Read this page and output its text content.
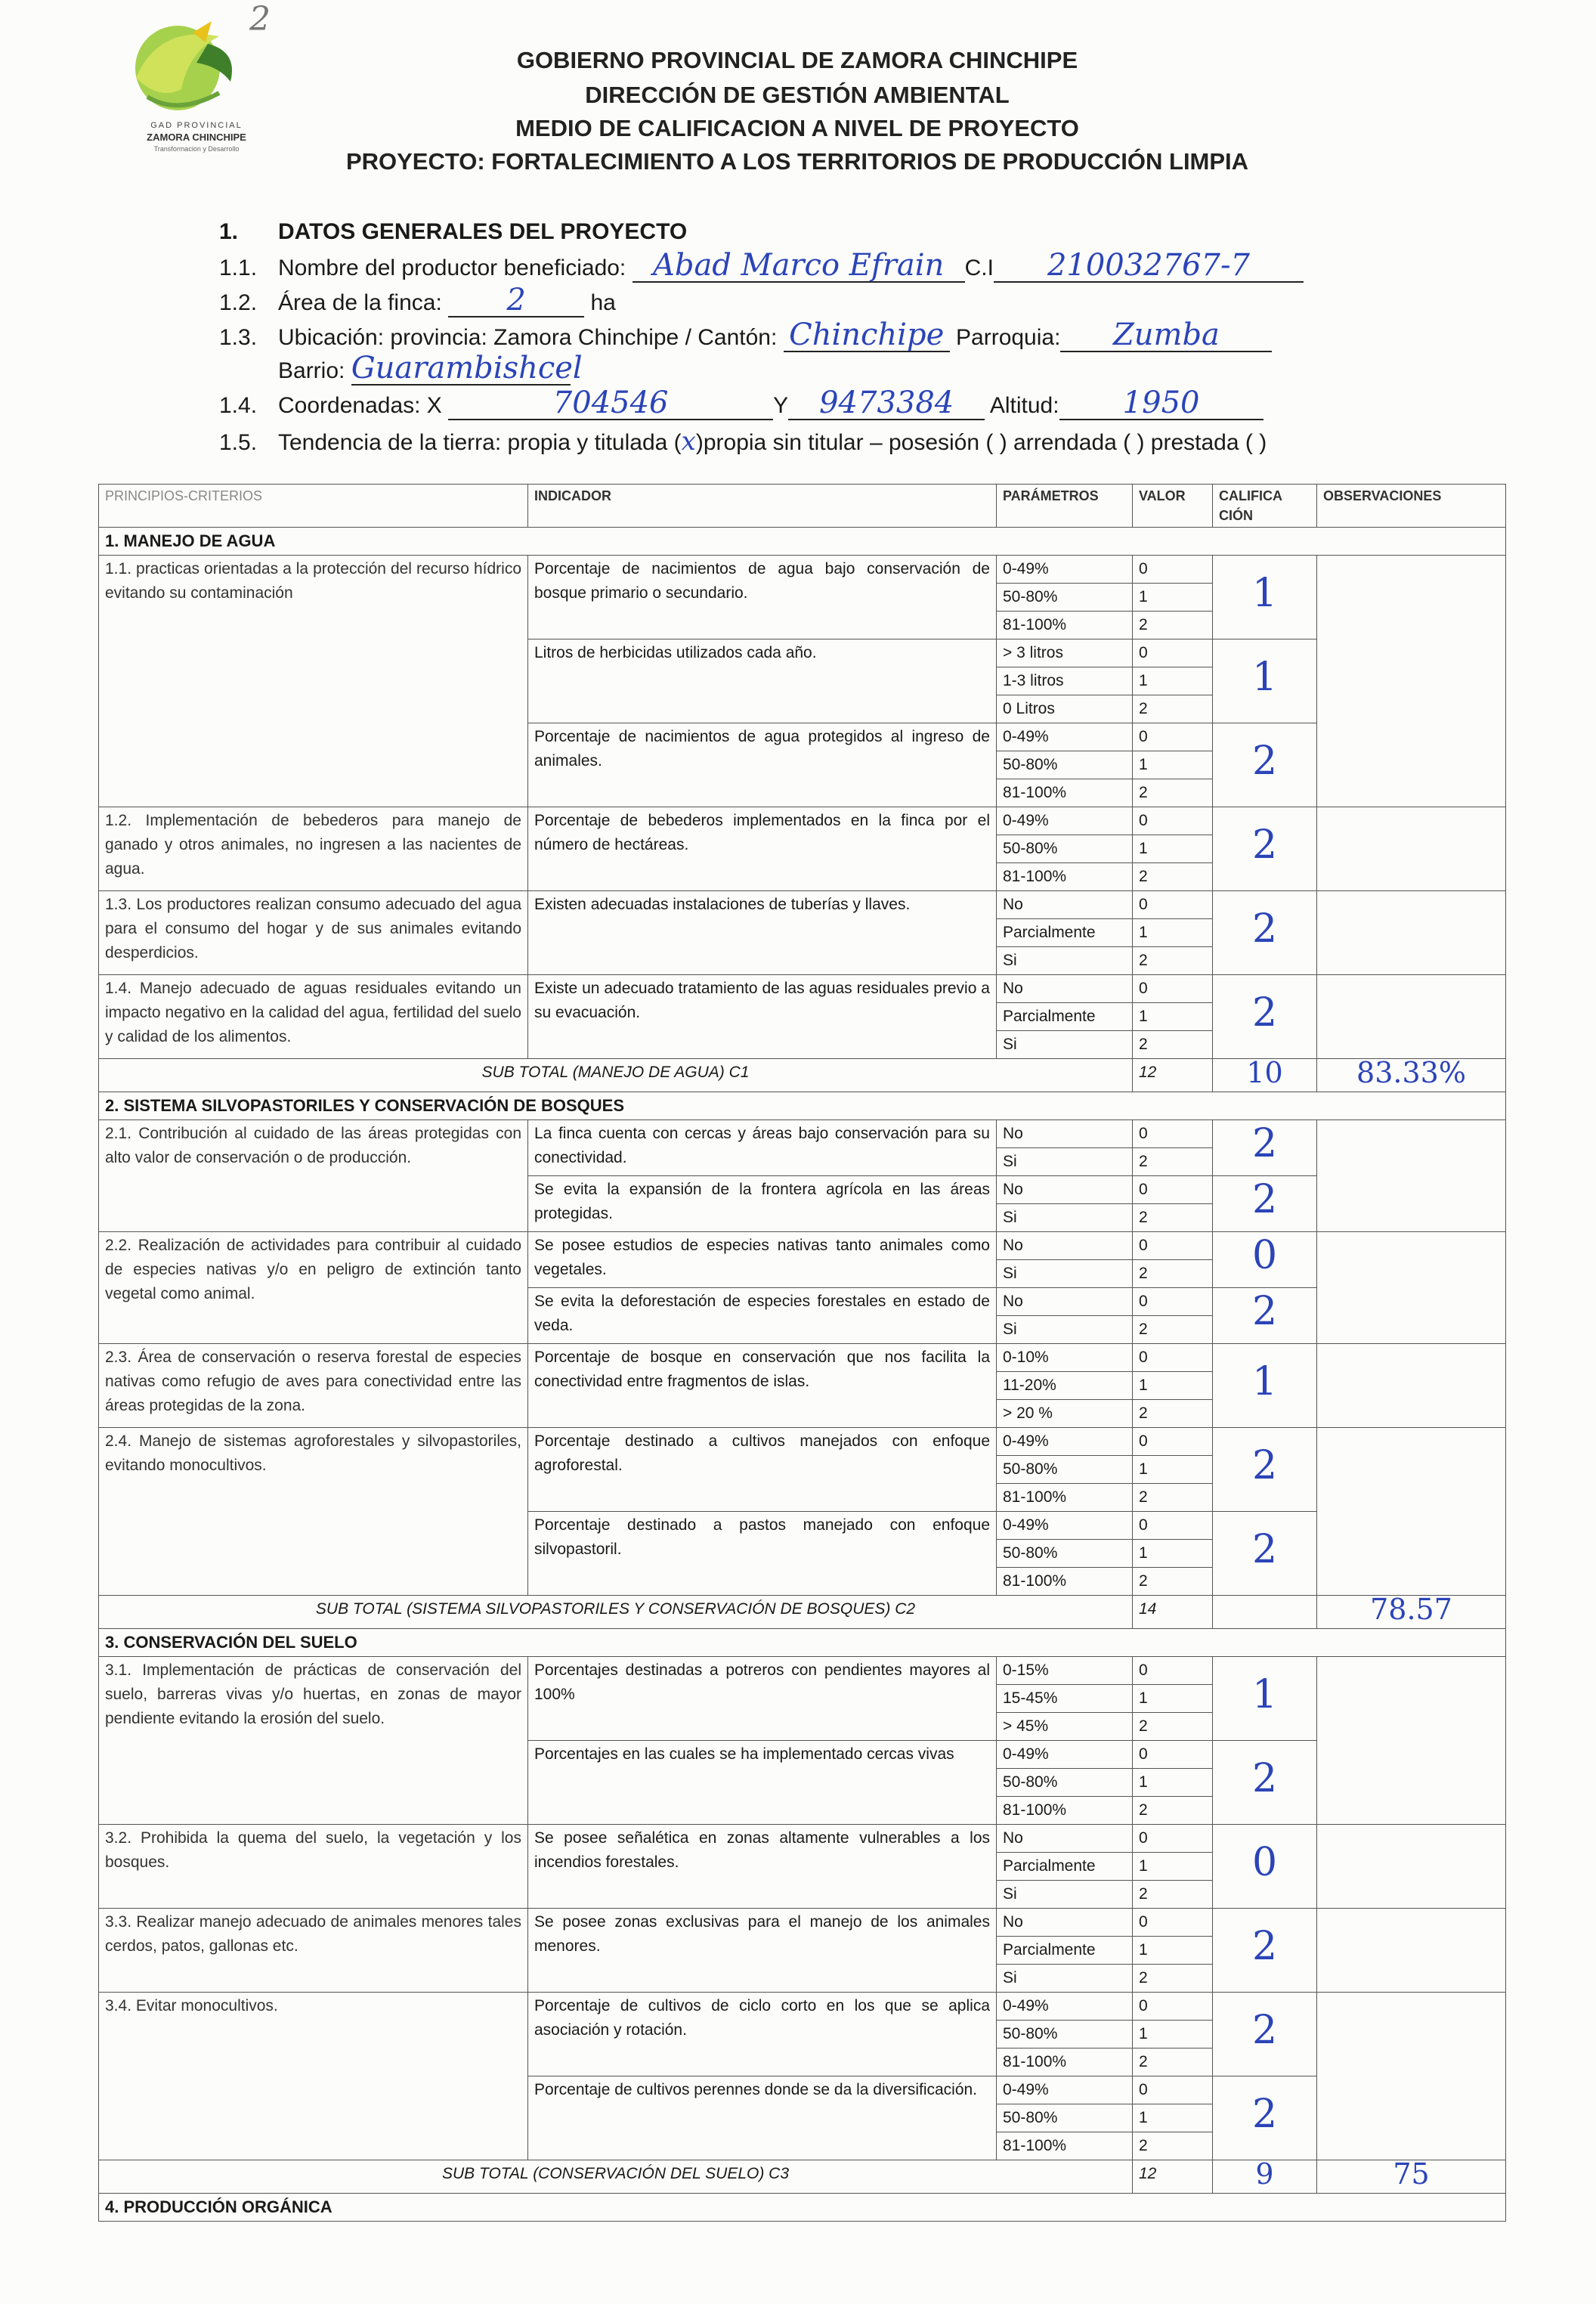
2
GAD PROVINCIAL
ZAMORA CHINCHIPE
Transformacion y Desarrollo
GOBIERNO PROVINCIAL DE ZAMORA CHINCHIPE
DIRECCIÓN DE GESTIÓN AMBIENTAL
MEDIO DE CALIFICACION A NIVEL DE PROYECTO
PROYECTO: FORTALECIMIENTO A LOS TERRITORIOS DE PRODUCCIÓN LIMPIA
1. DATOS GENERALES DEL PROYECTO
1.1. Nombre del productor beneficiado: Abad Marco Efrain C.I 210032767-7
1.2. Área de la finca: 2	ha
1.3. Ubicación: provincia: Zamora Chinchipe / Cantón: Chinchipe Parroquia: Zumba
Barrio: Guarambishcel
1.4. Coordenadas: X	704546	Y 9473384 Altitud: 1950
1.5. Tendencia de la tierra: propia y titulada (x)propia sin titular – posesión ( ) arrendada ( ) prestada ( )
PRINCIPIOS-CRITERIOS	INDICADOR	PARÁMETROS	VALOR	CALIFICA CIÓN	OBSERVACIONES
1. MANEJO DE AGUA					
1.1. practicas orientadas a la protección del recurso hídrico evitando su contaminación	Porcentaje de nacimientos de agua bajo conservación de bosque primario o secundario.	0-49%	0	1	
		50-80%	1		
		81-100%	2		
	Litros de herbicidas utilizados cada año.	> 3 litros	0	1	
		1-3 litros	1		
		0 Litros	2		
	Porcentaje de nacimientos de agua protegidos al ingreso de animales.	0-49%	0	2	
		50-80%	1		
		81-100%	2		
1.2. Implementación de bebederos para manejo de ganado y otros animales, no ingresen a las nacientes de agua.	Porcentaje de bebederos implementados en la finca por el número de hectáreas.	0-49%	0	2	
		50-80%	1		
		81-100%	2		
1.3. Los productores realizan consumo adecuado del agua para el consumo del hogar y de sus animales evitando desperdicios.	Existen adecuadas instalaciones de tuberías y llaves.	No	0	2	
		Parcialmente	1		
		Si	2		
1.4. Manejo adecuado de aguas residuales evitando un impacto negativo en la calidad del agua, fertilidad del suelo y calidad de los alimentos.	Existe un adecuado tratamiento de las aguas residuales previo a su evacuación.	No	0	2	
		Parcialmente	1		
		Si	2		
SUB TOTAL (MANEJO DE AGUA) C1			12	10	83.33%
2. SISTEMA SILVOPASTORILES Y CONSERVACIÓN DE BOSQUES					
2.1. Contribución al cuidado de las áreas protegidas con alto valor de conservación o de producción.	La finca cuenta con cercas y áreas bajo conservación para su conectividad.	No	0	2	
		Si	2		
	Se evita la expansión de la frontera agrícola en las áreas protegidas.	No	0	2	
		Si	2		
2.2. Realización de actividades para contribuir al cuidado de especies nativas y/o en peligro de extinción tanto vegetal como animal.	Se posee estudios de especies nativas tanto animales como vegetales.	No	0	0	
		Si	2		
	Se evita la deforestación de especies forestales en estado de veda.	No	0	2	
		Si	2		
2.3. Área de conservación o reserva forestal de especies nativas como refugio de aves para conectividad entre las áreas protegidas de la zona.	Porcentaje de bosque en conservación que nos facilita la conectividad entre fragmentos de islas.	0-10%	0	1	
		11-20%	1		
		> 20 %	2		
2.4. Manejo de sistemas agroforestales y silvopastoriles, evitando monocultivos.	Porcentaje destinado a cultivos manejados con enfoque agroforestal.	0-49%	0	2	
		50-80%	1		
		81-100%	2		
	Porcentaje destinado a pastos manejado con enfoque silvopastoril.	0-49%	0	2	
		50-80%	1		
		81-100%	2		
SUB TOTAL (SISTEMA SILVOPASTORILES Y CONSERVACIÓN DE BOSQUES) C2			14		78.57
3. CONSERVACIÓN DEL SUELO					
3.1. Implementación de prácticas de conservación del suelo, barreras vivas y/o huertas, en zonas de mayor pendiente evitando la erosión del suelo.	Porcentajes destinadas a potreros con pendientes mayores al 100%	0-15%	0	1	
		15-45%	1		
		> 45%	2		
	Porcentajes en las cuales se ha implementado cercas vivas	0-49%	0	2	
		50-80%	1		
		81-100%	2		
3.2. Prohibida la quema del suelo, la vegetación y los bosques.	Se posee señalética en zonas altamente vulnerables a los incendios forestales.	No	0	0	
		Parcialmente	1		
		Si	2		
3.3. Realizar manejo adecuado de animales menores tales cerdos, patos, gallonas etc.	Se posee zonas exclusivas para el manejo de los animales menores.	No	0	2	
		Parcialmente	1		
		Si	2		
3.4. Evitar monocultivos.	Porcentaje de cultivos de ciclo corto en los que se aplica asociación y rotación.	0-49%	0	2	
		50-80%	1		
		81-100%	2		
	Porcentaje de cultivos perennes donde se da la diversificación.	0-49%	0	2	
		50-80%	1		
		81-100%	2		
SUB TOTAL (CONSERVACIÓN DEL SUELO) C3			12	9	75
4. PRODUCCIÓN ORGÁNICA					
